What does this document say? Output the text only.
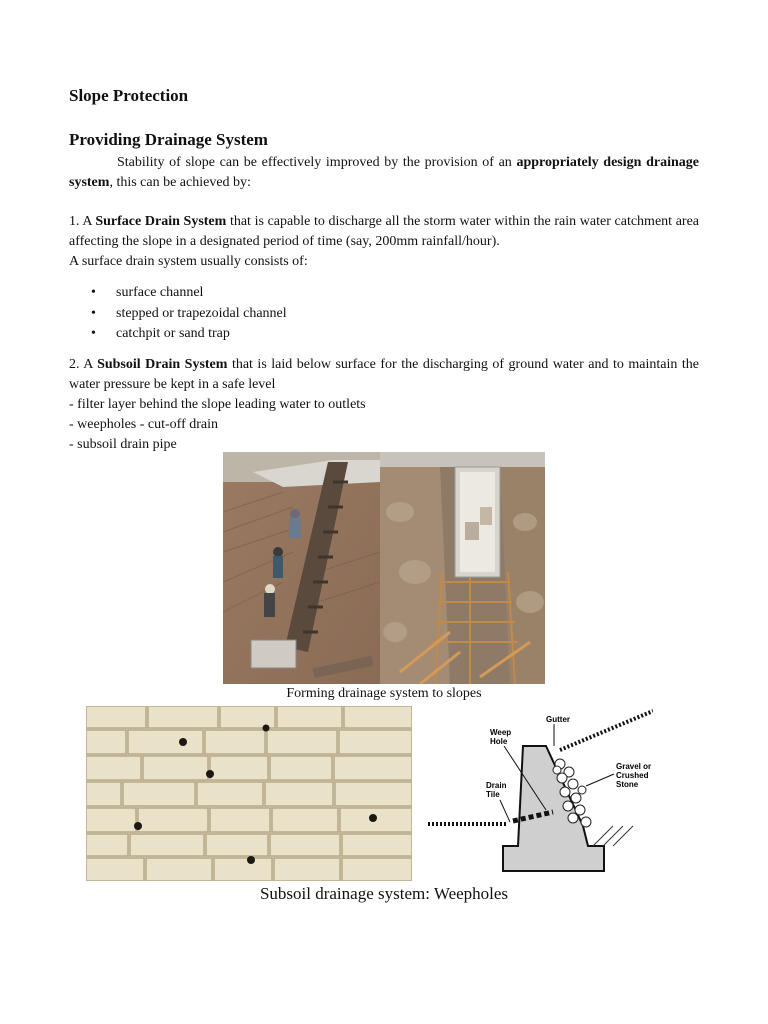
Slope Protection
Providing Drainage System

Stability of slope can be effectively improved by the provision of an appropriately design drainage system, this can be achieved by:

1. A Surface Drain System that is capable to discharge all the storm water within the rain water catchment area affecting the slope in a designated period of time (say, 200mm rainfall/hour).

A surface drain system usually consists of:

• surface channel
• stepped or trapezoidal channel
• catchpit or sand trap

2. A Subsoil Drain System that is laid below surface for the discharging of ground water and to maintain the water pressure be kept in a safe level

- filter layer behind the slope leading water to outlets
- weepholes - cut-off drain
- subsoil drain pipe
Forming drainage system to slopes
Gutter
Weep
Hole
Gravel or
Crushed
Stone
Drain
Tile
Subsoil drainage system: Weepholes
